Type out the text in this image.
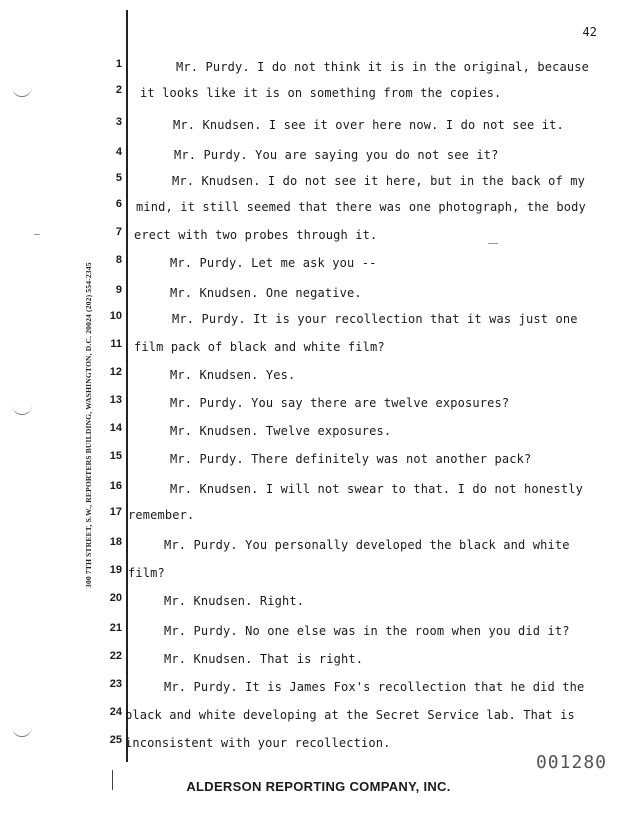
42
300 7TH STREET, S.W., REPORTERS BUILDING, WASHINGTON, D.C. 20024 (202) 554-2345
1	Mr. Purdy. I do not think it is in the original, because
2 it looks like it is on something from the copies.
3	Mr. Knudsen. I see it over here now. I do not see it.
4	Mr. Purdy. You are saying you do not see it?
5	Mr. Knudsen. I do not see it here, but in the back of my
6 mind, it still seemed that there was one photograph, the body
7 erect with two probes through it.
8	Mr. Purdy. Let me ask you --
9	Mr. Knudsen. One negative.
10	Mr. Purdy. It is your recollection that it was just one
11 film pack of black and white film?
12	Mr. Knudsen. Yes.
13	Mr. Purdy. You say there are twelve exposures?
14	Mr. Knudsen. Twelve exposures.
15	Mr. Purdy. There definitely was not another pack?
16	Mr. Knudsen. I will not swear to that. I do not honestly
17 remember.
18	Mr. Purdy. You personally developed the black and white
19 film?
20	Mr. Knudsen. Right.
21	Mr. Purdy. No one else was in the room when you did it?
22	Mr. Knudsen. That is right.
23	Mr. Purdy. It is James Fox's recollection that he did the
24 black and white developing at the Secret Service lab. That is
25 inconsistent with your recollection.
001280
ALDERSON REPORTING COMPANY, INC.
